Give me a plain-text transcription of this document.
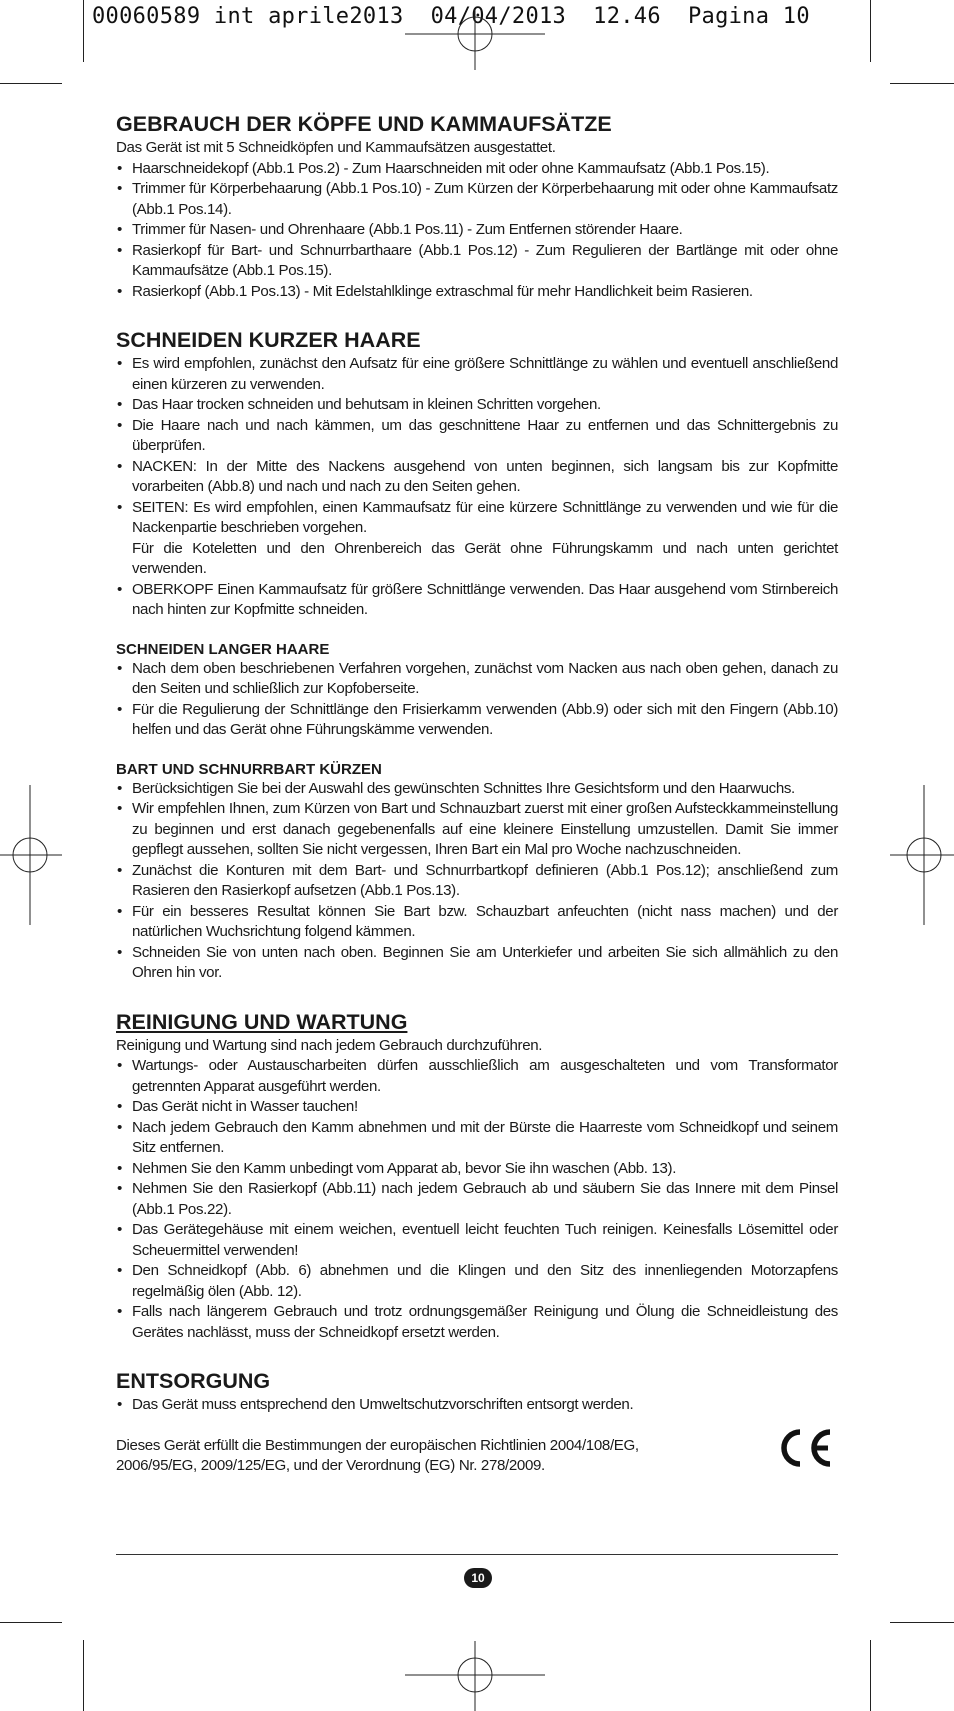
00060589 int aprile2013  04/04/2013  12.46  Pagina 10
GEBRAUCH DER KÖPFE UND KAMMAUFSÄTZE
Das Gerät ist mit 5 Schneidköpfen und Kammaufsätzen ausgestattet.
• Haarschneidekopf (Abb.1 Pos.2) - Zum Haarschneiden mit oder ohne Kammaufsatz (Abb.1 Pos.15).
• Trimmer für Körperbehaarung (Abb.1 Pos.10) - Zum Kürzen der Körperbehaarung mit oder ohne Kammaufsatz (Abb.1 Pos.14).
• Trimmer für Nasen- und Ohrenhaare (Abb.1 Pos.11) - Zum Entfernen störender Haare.
• Rasierkopf für Bart- und Schnurrbarthaare (Abb.1 Pos.12) - Zum Regulieren der Bartlänge mit oder ohne Kammaufsätze (Abb.1 Pos.15).
• Rasierkopf (Abb.1 Pos.13) - Mit Edelstahlklinge extraschmal für mehr Handlichkeit beim Rasieren.
SCHNEIDEN KURZER HAARE
• Es wird empfohlen, zunächst den Aufsatz für eine größere Schnittlänge zu wählen und eventuell anschließend einen kürzeren zu verwenden.
• Das Haar trocken schneiden und behutsam in kleinen Schritten vorgehen.
• Die Haare nach und nach kämmen, um das geschnittene Haar zu entfernen und das Schnittergebnis zu überprüfen.
• NACKEN: In der Mitte des Nackens ausgehend von unten beginnen, sich langsam bis zur Kopfmitte vorarbeiten (Abb.8) und nach und nach zu den Seiten gehen.
• SEITEN: Es wird empfohlen, einen Kammaufsatz für eine kürzere Schnittlänge zu verwenden und wie für die Nackenpartie beschrieben vorgehen.
Für die Koteletten und den Ohrenbereich das Gerät ohne Führungskamm und nach unten gerichtet verwenden.
• OBERKOPF Einen Kammaufsatz für größere Schnittlänge verwenden. Das Haar ausgehend vom Stirnbereich nach hinten zur Kopfmitte schneiden.
SCHNEIDEN LANGER HAARE
• Nach dem oben beschriebenen Verfahren vorgehen, zunächst vom Nacken aus nach oben gehen, danach zu den Seiten und schließlich zur Kopfoberseite.
• Für die Regulierung der Schnittlänge den Frisierkamm verwenden (Abb.9) oder sich mit den Fingern (Abb.10) helfen und das Gerät ohne Führungskämme verwenden.
BART UND SCHNURRBART KÜRZEN
• Berücksichtigen Sie bei der Auswahl des gewünschten Schnittes Ihre Gesichtsform und den Haarwuchs.
• Wir empfehlen Ihnen, zum Kürzen von Bart und Schnauzbart zuerst mit einer großen Aufsteckkammeinstellung zu beginnen und erst danach gegebenenfalls auf eine kleinere Einstellung umzustellen. Damit Sie immer gepflegt aussehen, sollten Sie nicht vergessen, Ihren Bart ein Mal pro Woche nachzuschneiden.
• Zunächst die Konturen mit dem Bart- und Schnurrbartkopf definieren (Abb.1 Pos.12); anschließend zum Rasieren den Rasierkopf aufsetzen (Abb.1 Pos.13).
• Für ein besseres Resultat können Sie Bart bzw. Schauzbart anfeuchten (nicht nass machen) und der natürlichen Wuchsrichtung folgend kämmen.
• Schneiden Sie von unten nach oben. Beginnen Sie am Unterkiefer und arbeiten Sie sich allmählich zu den Ohren hin vor.
REINIGUNG UND WARTUNG
Reinigung und Wartung sind nach jedem Gebrauch durchzuführen.
• Wartungs- oder Austauscharbeiten dürfen ausschließlich am ausgeschalteten und vom Transformator getrennten Apparat ausgeführt werden.
• Das Gerät nicht in Wasser tauchen!
• Nach jedem Gebrauch den Kamm abnehmen und mit der Bürste die Haarreste vom Schneidkopf und seinem Sitz entfernen.
• Nehmen Sie den Kamm unbedingt vom Apparat ab, bevor Sie ihn waschen (Abb. 13).
• Nehmen Sie den Rasierkopf (Abb.11) nach jedem Gebrauch ab und säubern Sie das Innere mit dem Pinsel (Abb.1 Pos.22).
• Das Gerätegehäuse mit einem weichen, eventuell leicht feuchten Tuch reinigen. Keinesfalls Lösemittel oder Scheuermittel verwenden!
• Den Schneidkopf (Abb. 6) abnehmen und die Klingen und den Sitz des innenliegenden Motorzapfens regelmäßig ölen (Abb. 12).
• Falls nach längerem Gebrauch und trotz ordnungsgemäßer Reinigung und Ölung die Schneidleistung des Gerätes nachlässt, muss der Schneidkopf ersetzt werden.
ENTSORGUNG
• Das Gerät muss entsprechend den Umweltschutzvorschriften entsorgt werden.
Dieses Gerät erfüllt die Bestimmungen der europäischen Richtlinien 2004/108/EG, 2006/95/EG, 2009/125/EG, und der Verordnung (EG) Nr. 278/2009.
10
